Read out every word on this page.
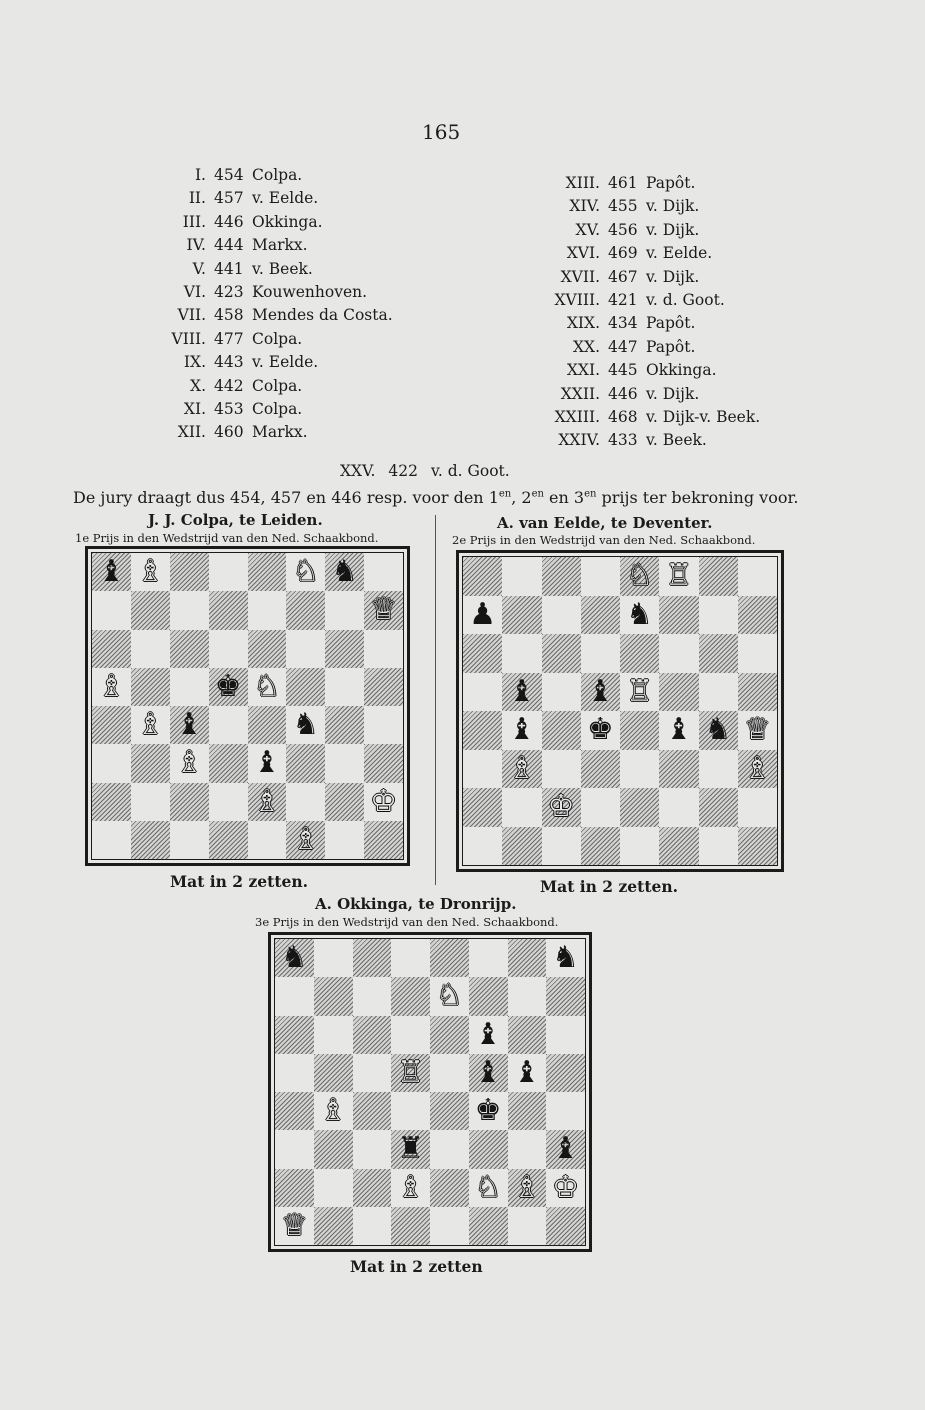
165
I. 454 Colpa.
II. 457 v. Eelde.
III. 446 Okkinga.
IV. 444 Markx.
V. 441 v. Beek.
VI. 423 Kouwenhoven.
VII. 458 Mendes da Costa.
VIII. 477 Colpa.
IX. 443 v. Eelde.
X. 442 Colpa.
XI. 453 Colpa.
XII. 460 Markx.
XIII. 461 Papôt.
XIV. 455 v. Dijk.
XV. 456 v. Dijk.
XVI. 469 v. Eelde.
XVII. 467 v. Dijk.
XVIII. 421 v. d. Goot.
XIX. 434 Papôt.
XX. 447 Papôt.
XXI. 445 Okkinga.
XXII. 446 v. Dijk.
XXIII. 468 v. Dijk-v. Beek.
XXIV. 433 v. Beek.
XXV. 422 v. d. Goot.
De jury draagt dus 454, 457 en 446 resp. voor den $1^{en}$, $2^{en}$ en $3^{en}$ prijs ter bekroning voor.
J. J. Colpa, te Leiden.
1e Prijs in den Wedstrijd van den Ned. Schaakbond.
♝ ♗	♘ ♞
♕
♗	♚ ♘
♗ ♝	♞
♗ ♝
♗	♔
♗
Mat in 2 zetten.
A. van Eelde, te Deventer.
2e Prijs in den Wedstrijd van den Ned. Schaakbond.
♘ ♖
♟	♞
♝ ♝ ♖
♝ ♚ ♝ ♞ ♕
♗	♗
♔
Mat in 2 zetten.
A. Okkinga, te Dronrijp.
3e Prijs in den Wedstrijd van den Ned. Schaakbond.
♞	♞
♘
♝
♖ ♝ ♝
♗	♚
♜	♝
♗ ♘ ♗ ♔
♕
Mat in 2 zetten
